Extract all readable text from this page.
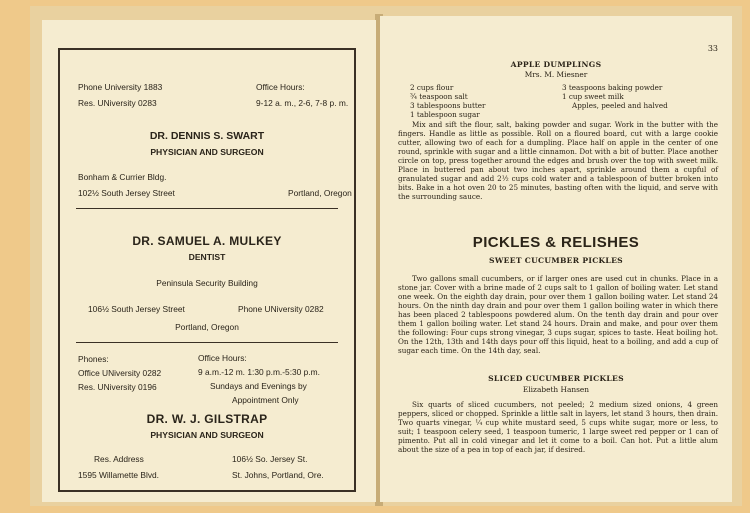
Phone University 1883
Res. UNiversity 0283
Office Hours:
9-12 a. m., 2-6, 7-8 p. m.
DR. DENNIS S. SWART
PHYSICIAN AND SURGEON
Bonham & Currier Bldg.
102½ South Jersey Street	Portland, Oregon
DR. SAMUEL A. MULKEY
DENTIST
Peninsula Security Building
106½ South Jersey Street	Phone UNiversity 0282
Portland, Oregon
Phones:
Office UNiversity 0282
Res. UNiversity 0196
Office Hours:
9 a.m.-12 m. 1:30 p.m.-5:30 p.m.
Sundays and Evenings by
Appointment Only
DR. W. J. GILSTRAP
PHYSICIAN AND SURGEON
Res. Address
1595 Willamette Blvd.
106½ So. Jersey St.
St. Johns, Portland, Ore.
33
APPLE DUMPLINGS
Mrs. M. Miesner
2 cups flour
¾ teaspoon salt
3 tablespoons butter
1 tablespoon sugar
3 teaspoons baking powder
1 cup sweet milk
Apples, peeled and halved
Mix and sift the flour, salt, baking powder and sugar. Work in the butter with the fingers. Handle as little as possible. Roll on a floured board, cut with a large cookie cutter, allowing two of each for a dumpling. Place half on apple in the center of one round, sprinkle with sugar and a little cinnamon. Dot with a bit of butter. Place another circle on top, press together around the edges and brush over the top with sweet milk. Place in buttered pan about two inches apart, sprinkle around them a cupful of granulated sugar and add 2½ cups cold water and a tablespoon of butter broken into bits. Bake in a hot oven 20 to 25 minutes, basting often with the liquid, and serve with the surrounding sauce.
PICKLES & RELISHES
SWEET CUCUMBER PICKLES
Two gallons small cucumbers, or if larger ones are used cut in chunks. Place in a stone jar. Cover with a brine made of 2 cups salt to 1 gallon of boiling water. Let stand one week. On the eighth day drain, pour over them 1 gallon boiling water. Let stand 24 hours. On the ninth day drain and pour over them 1 gallon boiling water in which there has been placed 2 tablespoons powdered alum. On the tenth day drain and pour over them 1 gallon boiling water. Let stand 24 hours. Drain and make, and pour over them the following: Four cups strong vinegar, 3 cups sugar, spices to taste. Heat boiling hot. On the 12th, 13th and 14th days pour off this liquid, heat to a boiling, and add a cup of sugar each time. On the 14th day, seal.
SLICED CUCUMBER PICKLES
Elizabeth Hansen
Six quarts of sliced cucumbers, not peeled; 2 medium sized onions, 4 green peppers, sliced or chopped. Sprinkle a little salt in layers, let stand 3 hours, then drain. Two quarts vinegar, ¼ cup white mustard seed, 5 cups white sugar, more or less, to suit; 1 teaspoon celery seed, 1 teaspoon tumeric, 1 large sweet red pepper or 1 can of pimento. Put all in cold vinegar and let it come to a boil. Can hot. Put a little alum about the size of a pea in top of each jar, if desired.
